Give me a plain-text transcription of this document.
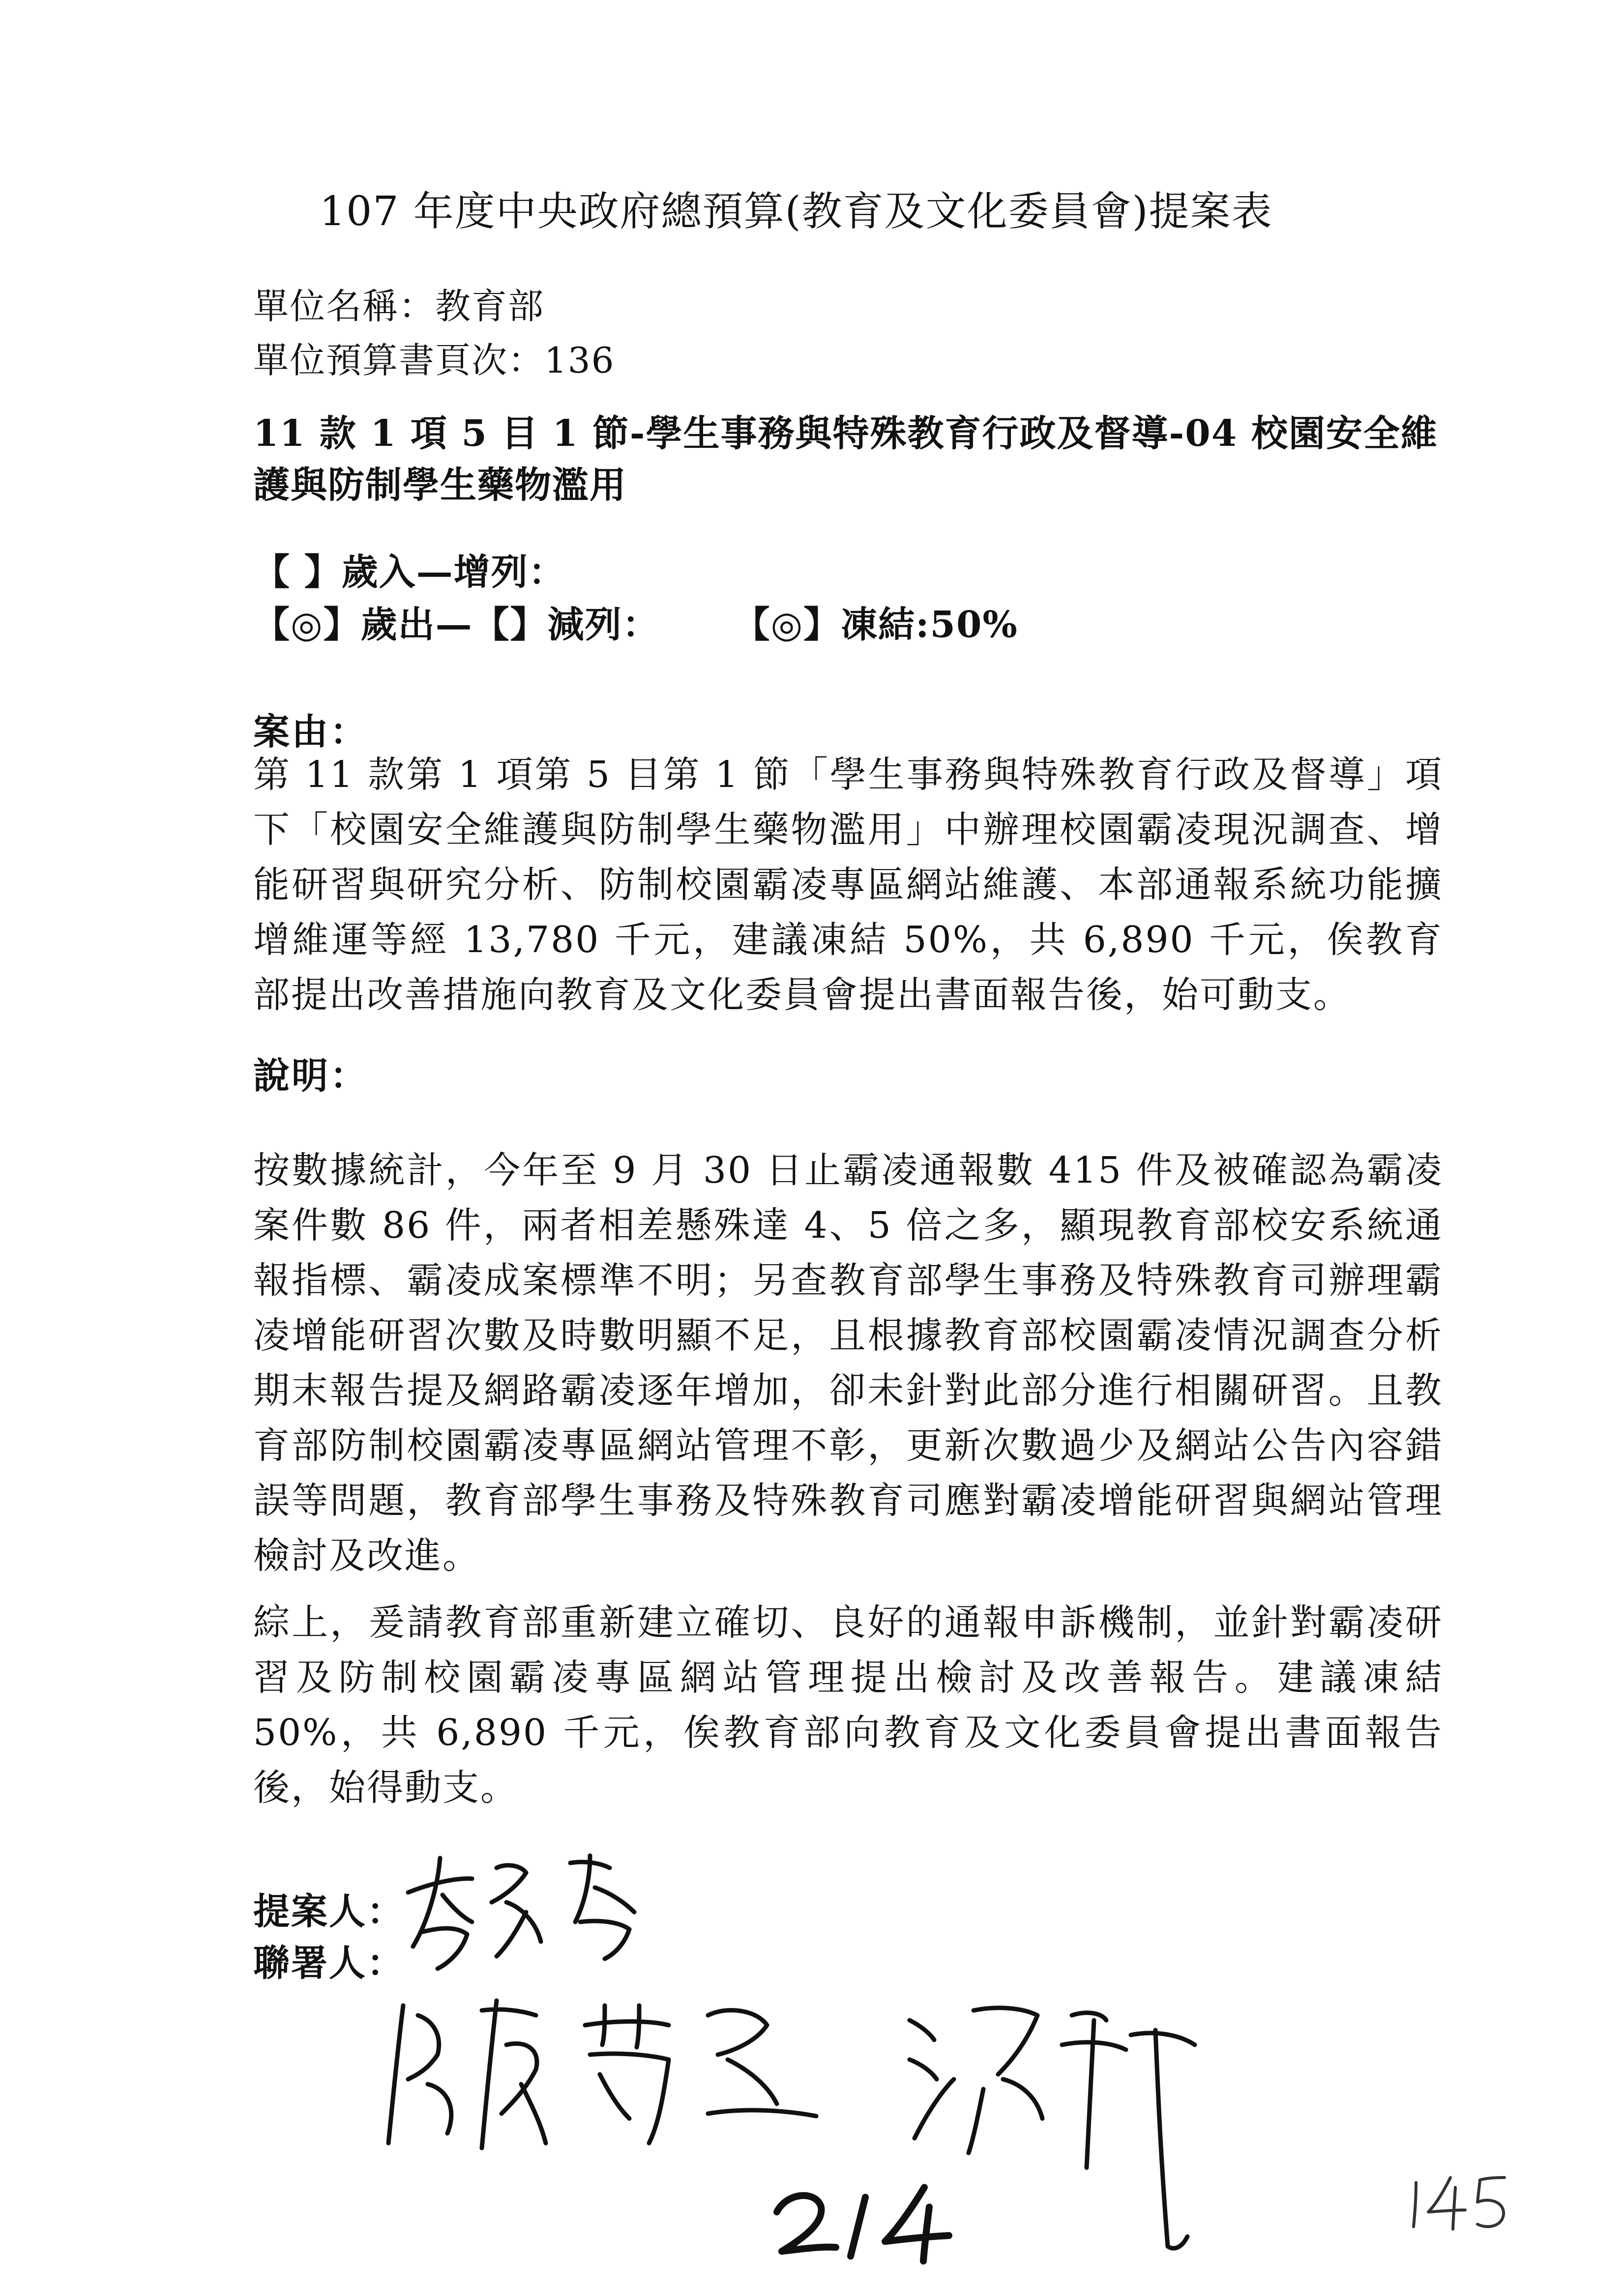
107 年度中央政府總預算(教育及文化委員會)提案表
單位名稱：教育部
單位預算書頁次：136
11 款 1 項 5 目 1 節-學生事務與特殊教育行政及督導-04 校園安全維護與防制學生藥物濫用
【 】歲入—增列：
【◎】歲出—【】減列： 【◎】凍結:50%
案由：
第 11 款第 1 項第 5 目第 1 節「學生事務與特殊教育行政及督導」項下「校園安全維護與防制學生藥物濫用」中辦理校園霸凌現況調查、增能研習與研究分析、防制校園霸凌專區網站維護、本部通報系統功能擴增維運等經 13,780 千元，建議凍結 50%，共 6,890 千元，俟教育部提出改善措施向教育及文化委員會提出書面報告後，始可動支。
說明：
按數據統計，今年至 9 月 30 日止霸凌通報數 415 件及被確認為霸凌案件數 86 件，兩者相差懸殊達 4、5 倍之多，顯現教育部校安系統通報指標、霸凌成案標準不明；另查教育部學生事務及特殊教育司辦理霸凌增能研習次數及時數明顯不足，且根據教育部校園霸凌情況調查分析期末報告提及網路霸凌逐年增加，卻未針對此部分進行相關研習。且教育部防制校園霸凌專區網站管理不彰，更新次數過少及網站公告內容錯誤等問題，教育部學生事務及特殊教育司應對霸凌增能研習與網站管理檢討及改進。
綜上，爰請教育部重新建立確切、良好的通報申訴機制，並針對霸凌研習及防制校園霸凌專區網站管理提出檢討及改善報告。建議凍結 50%，共 6,890 千元，俟教育部向教育及文化委員會提出書面報告後，始得動支。
提案人：
聯署人：
